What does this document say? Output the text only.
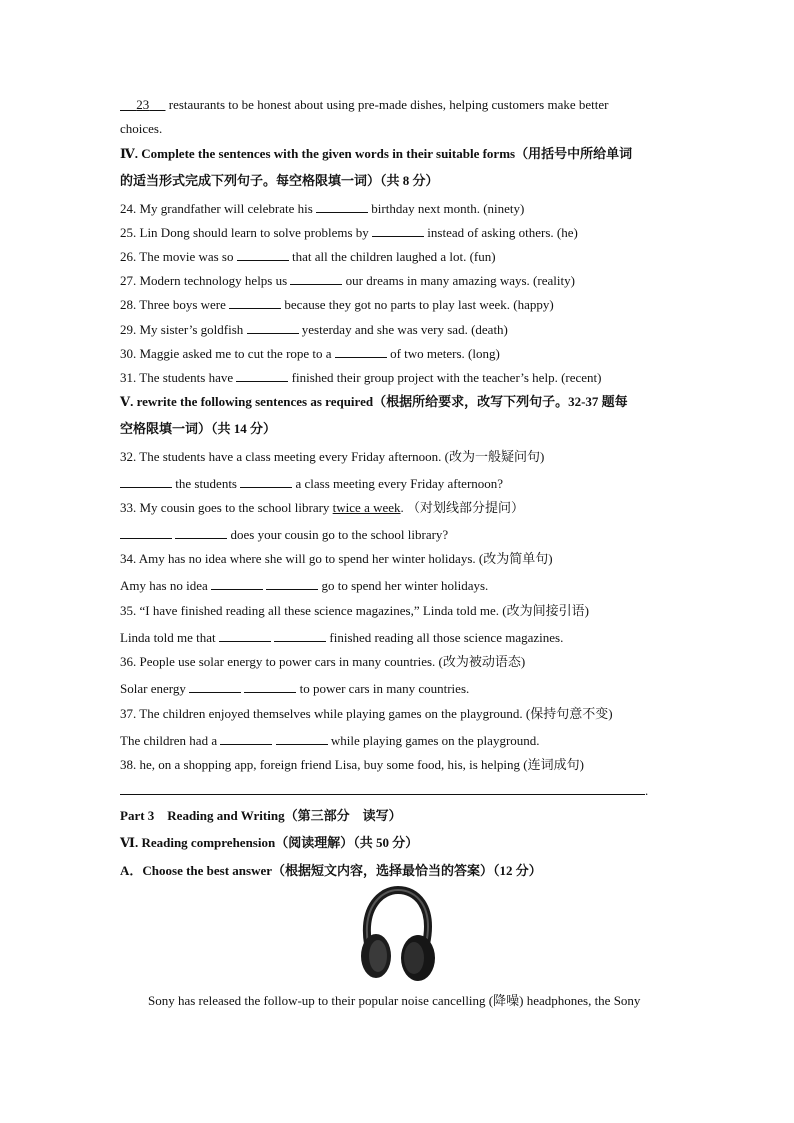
23      restaurants to be honest about using pre-made dishes, helping customers make better
choices.
Ⅳ. Complete the sentences with the given words in their suitable forms（用括号中所给单词
的适当形式完成下列句子。每空格限填一词）（共 8 分）
24. My grandfather will celebrate his	birthday next month. (ninety)
25. Lin Dong should learn to solve problems by	instead of asking others. (he)
26. The movie was so	that all the children laughed a lot. (fun)
27. Modern technology helps us	our dreams in many amazing ways. (reality)
28. Three boys were	because they got no parts to play last week. (happy)
29. My sister’s goldfish	yesterday and she was very sad. (death)
30. Maggie asked me to cut the rope to a	of two meters. (long)
31. The students have	finished their group project with the teacher’s help. (recent)
Ⅴ. rewrite the following sentences as required（根据所给要求，改写下列句子。32-37 题每
空格限填一词）（共 14 分）
32. The students have a class meeting every Friday afternoon. (改为一般疑问句)
the students	a class meeting every Friday afternoon?
33. My cousin goes to the school library twice a week. （对划线部分提问）
does your cousin go to the school library?
34. Amy has no idea where she will go to spend her winter holidays. (改为简单句)
Amy has no idea	go to spend her winter holidays.
35. “I have finished reading all these science magazines,” Linda told me. (改为间接引语)
Linda told me that	finished reading all those science magazines.
36. People use solar energy to power cars in many countries. (改为被动语态)
Solar energy	to power cars in many countries.
37. The children enjoyed themselves while playing games on the playground. (保持句意不变)
The children had a	while playing games on the playground.
38. he, on a shopping app, foreign friend Lisa, buy some food, his, is helping (连词成句)
.
Part 3　Reading and Writing（第三部分　读写）
Ⅵ. Reading comprehension（阅读理解）（共 50 分）
A．Choose the best answer（根据短文内容，选择最恰当的答案）（12 分）
Sony has released the follow-up to their popular noise cancelling (降噪) headphones, the Sony
